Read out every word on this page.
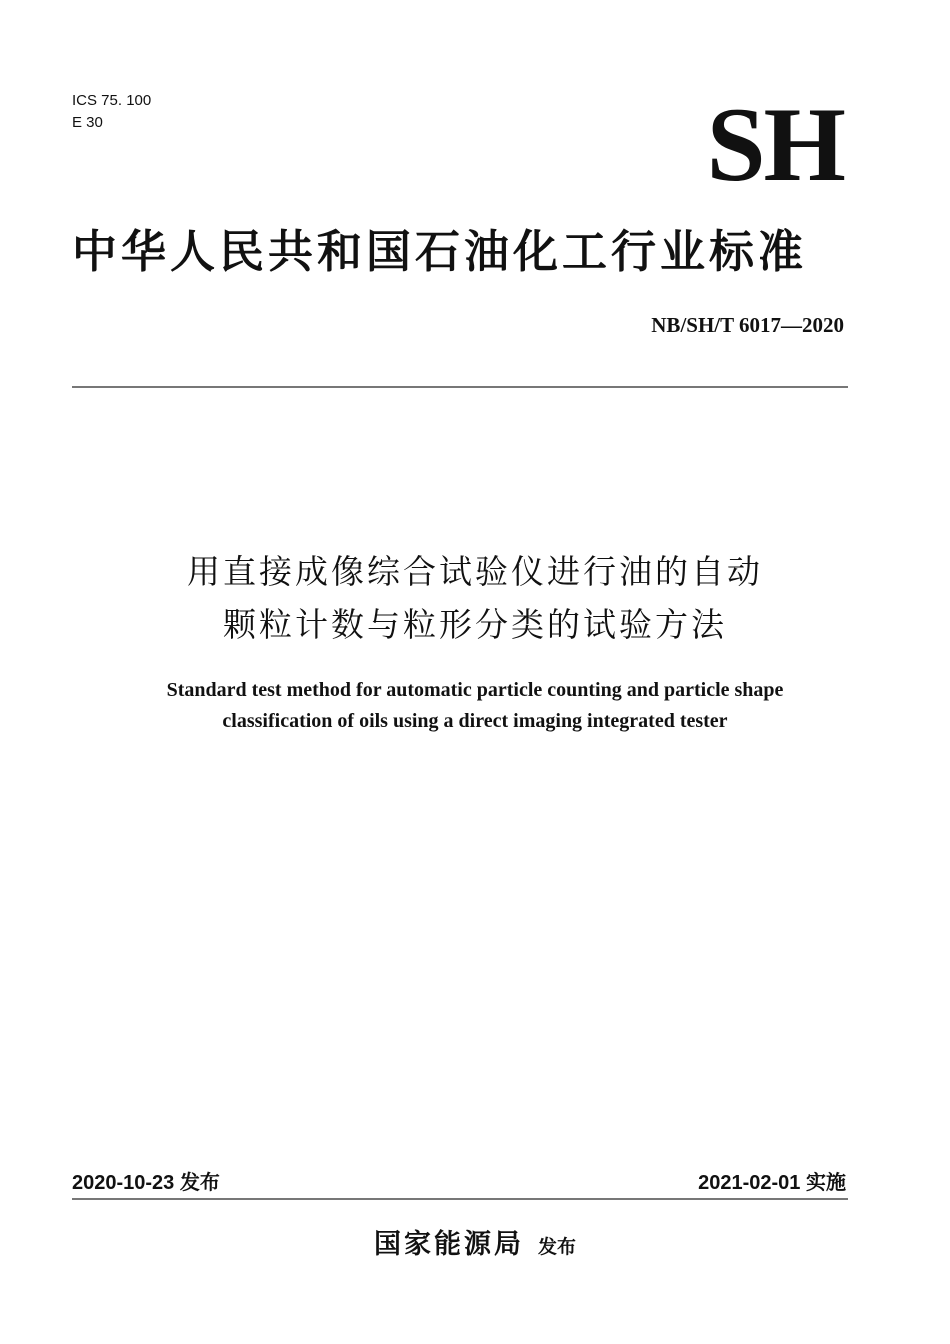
ICS 75. 100
E 30	SH
中华人民共和国石油化工行业标准
NB/SH/T 6017—2020
用直接成像综合试验仪进行油的自动
颗粒计数与粒形分类的试验方法
Standard test method for automatic particle counting and particle shape
classification of oils using a direct imaging integrated tester
2020-10-23 发布	2021-02-01 实施
国家能源局 发布
